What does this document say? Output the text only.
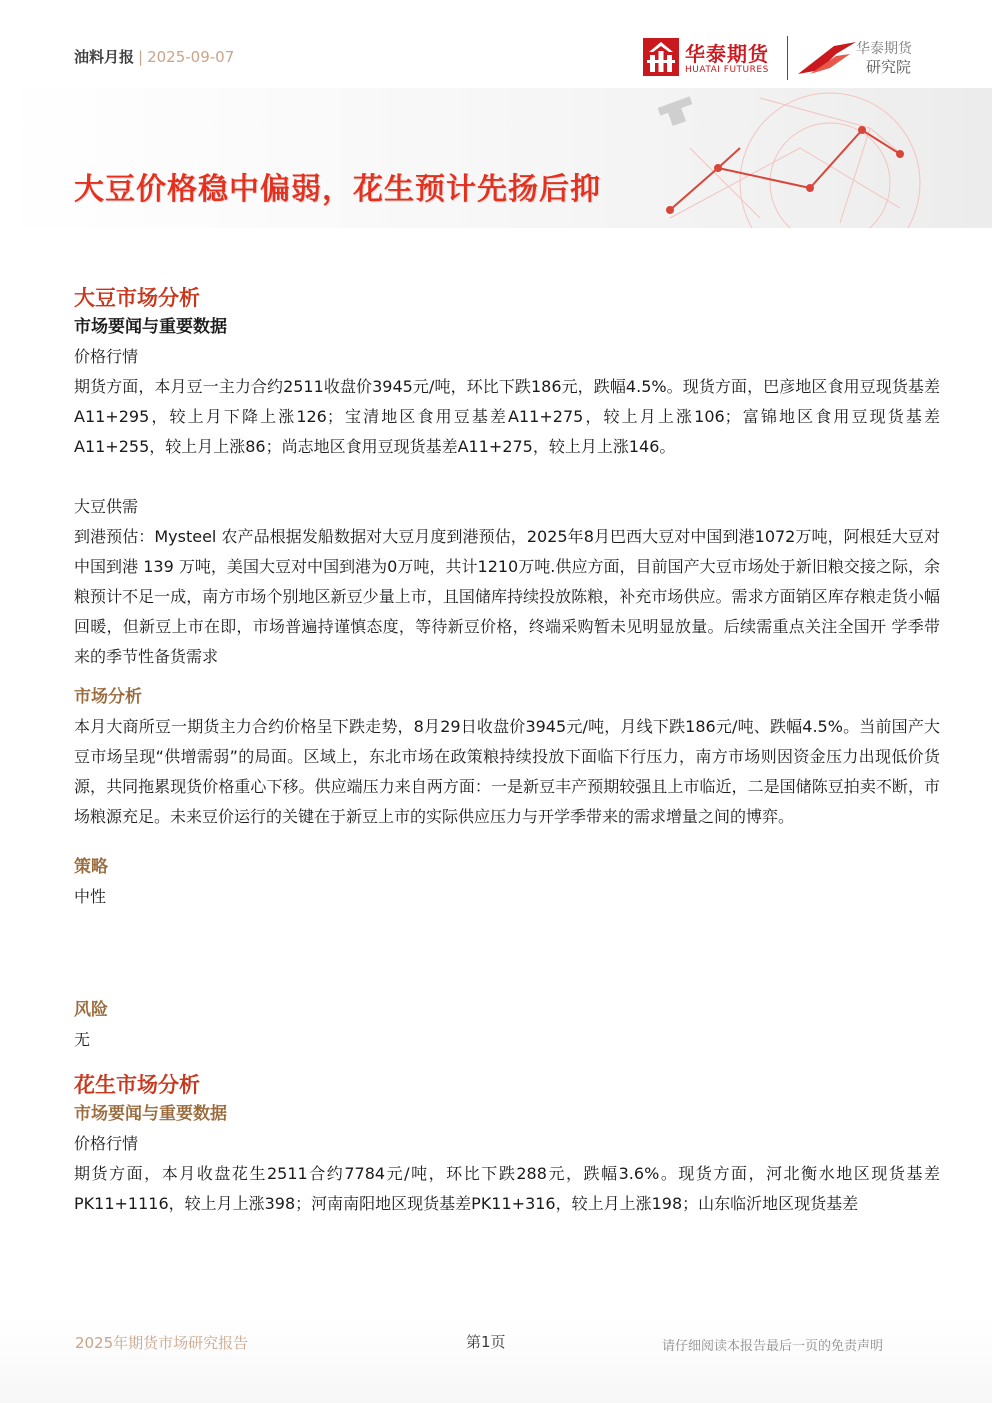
油料月报 | 2025-09-07	华泰期货
HUATAI FUTURES
华泰期货
研究院
大豆价格稳中偏弱，花生预计先扬后抑

大豆市场分析

市场要闻与重要数据

价格行情

期货方面，本月豆一主力合约2511收盘价3945元/吨，环比下跌186元，跌幅4.5%。现货方面，巴彦地区食用豆现货基差A11+295，较上月下降上涨126；宝清地区食用豆基差A11+275，较上月上涨106；富锦地区食用豆现货基差A11+255，较上月上涨86；尚志地区食用豆现货基差A11+275，较上月上涨146。

大豆供需

到港预估：Mysteel 农产品根据发船数据对大豆月度到港预估，2025年8月巴西大豆对中国到港1072万吨，阿根廷大豆对中国到港 139 万吨，美国大豆对中国到港为0万吨，共计1210万吨.供应方面，目前国产大豆市场处于新旧粮交接之际，余粮预计不足一成，南方市场个别地区新豆少量上市，且国储库持续投放陈粮，补充市场供应。需求方面销区库存粮走货小幅回暖，但新豆上市在即，市场普遍持谨慎态度，等待新豆价格，终端采购暂未见明显放量。后续需重点关注全国开 学季带来的季节性备货需求

市场分析

本月大商所豆一期货主力合约价格呈下跌走势，8月29日收盘价3945元/吨，月线下跌186元/吨、跌幅4.5%。当前国产大豆市场呈现“供增需弱”的局面。区域上，东北市场在政策粮持续投放下面临下行压力，南方市场则因资金压力出现低价货源，共同拖累现货价格重心下移。供应端压力来自两方面：一是新豆丰产预期较强且上市临近，二是国储陈豆拍卖不断，市场粮源充足。未来豆价运行的关键在于新豆上市的实际供应压力与开学季带来的需求增量之间的博弈。

策略

中性

风险

无

花生市场分析

市场要闻与重要数据

价格行情

期货方面，本月收盘花生2511合约7784元/吨，环比下跌288元，跌幅3.6%。现货方面，河北衡水地区现货基差PK11+1116，较上月上涨398；河南南阳地区现货基差PK11+316，较上月上涨198；山东临沂地区现货基差

2025年期货市场研究报告	第1页	请仔细阅读本报告最后一页的免责声明
